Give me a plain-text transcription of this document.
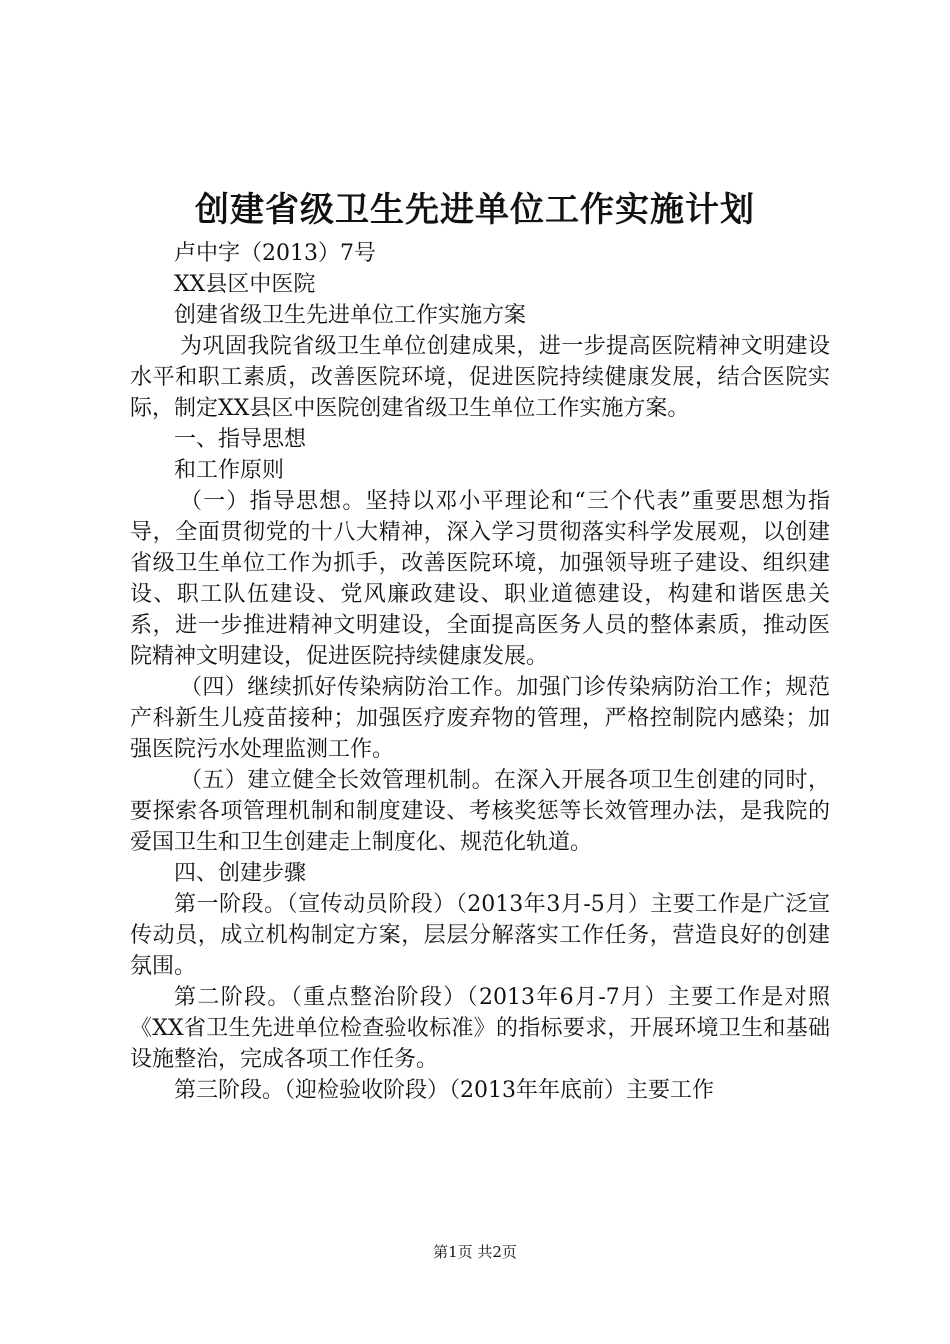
创建省级卫生先进单位工作实施计划

卢中字（2013）7号

XX县区中医院

创建省级卫生先进单位工作实施方案

为巩固我院省级卫生单位创建成果，进一步提高医院精神文明建设水平和职工素质，改善医院环境，促进医院持续健康发展，结合医院实际，制定XX县区中医院创建省级卫生单位工作实施方案。

一、指导思想

和工作原则

（一）指导思想。坚持以邓小平理论和“三个代表”重要思想为指导，全面贯彻党的十八大精神，深入学习贯彻落实科学发展观，以创建省级卫生单位工作为抓手，改善医院环境，加强领导班子建设、组织建设、职工队伍建设、党风廉政建设、职业道德建设，构建和谐医患关系，进一步推进精神文明建设，全面提高医务人员的整体素质，推动医院精神文明建设，促进医院持续健康发展。

（四）继续抓好传染病防治工作。加强门诊传染病防治工作；规范产科新生儿疫苗接种；加强医疗废弃物的管理，严格控制院内感染；加强医院污水处理监测工作。

（五）建立健全长效管理机制。在深入开展各项卫生创建的同时，要探索各项管理机制和制度建设、考核奖惩等长效管理办法，是我院的爱国卫生和卫生创建走上制度化、规范化轨道。

四、创建步骤

第一阶段。（宣传动员阶段）（2013年3月-5月）主要工作是广泛宣传动员，成立机构制定方案，层层分解落实工作任务，营造良好的创建氛围。

第二阶段。（重点整治阶段）（2013年6月-7月）主要工作是对照《XX省卫生先进单位检查验收标准》的指标要求，开展环境卫生和基础设施整治，完成各项工作任务。

第三阶段。（迎检验收阶段）（2013年年底前）主要工作

第1页 共2页
